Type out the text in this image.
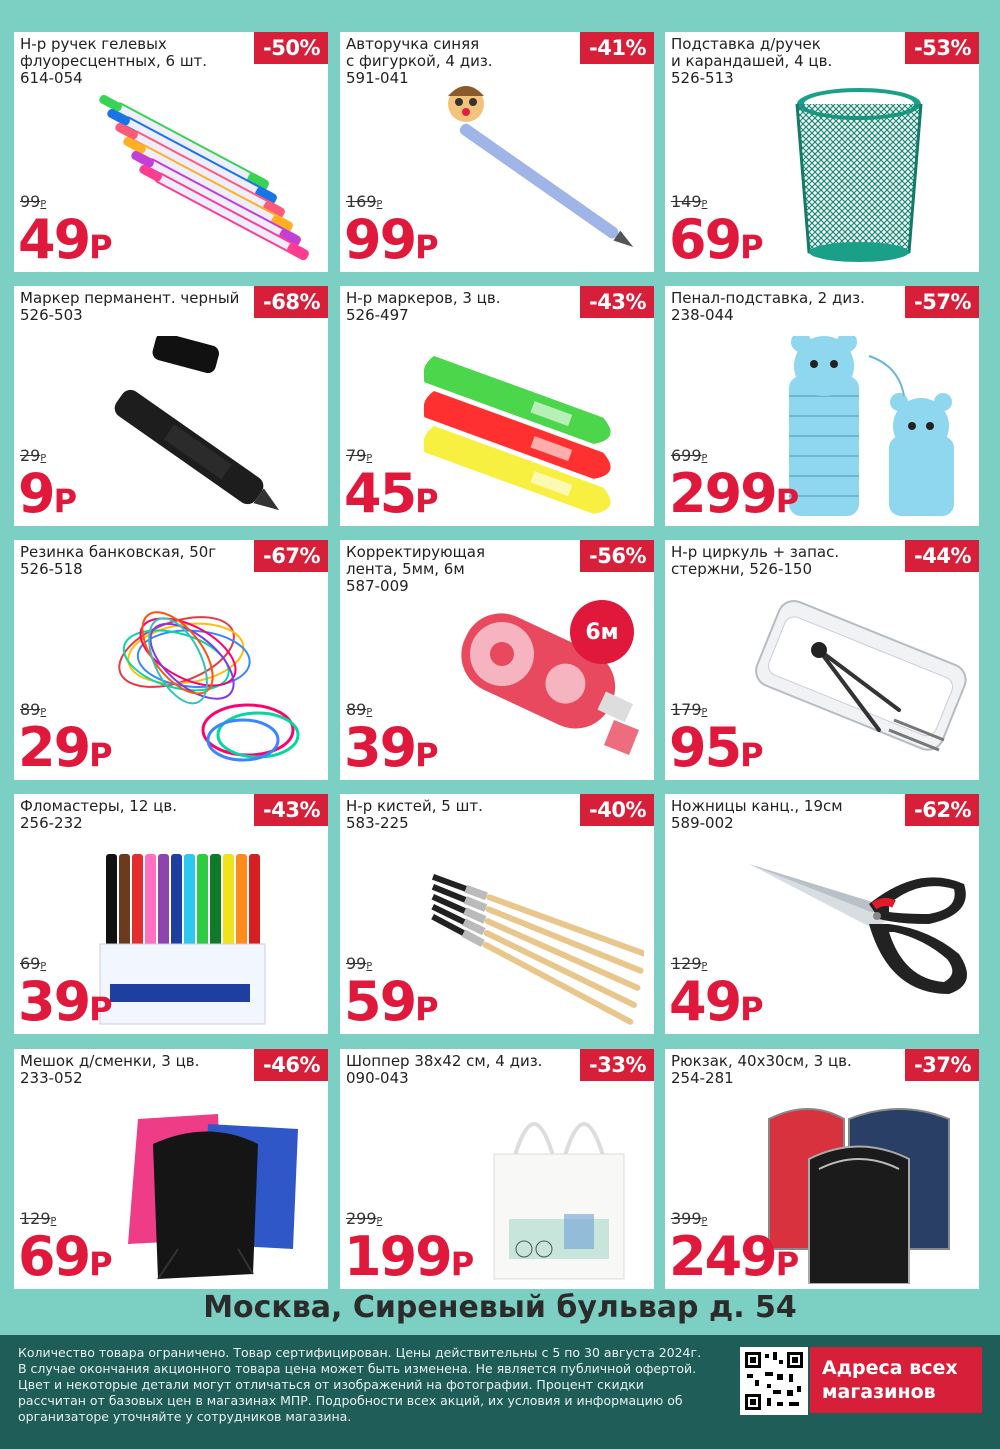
Н-р ручек гелевых
флуоресцентных, 6 шт.
614-054
-50%
99Р
49Р
Авторучка синяя
с фигуркой, 4 диз.
591-041
-41%
169Р
99Р
Подставка д/ручек
и карандашей, 4 цв.
526-513
-53%
149Р
69Р
Маркер перманент. черный
526-503
-68%
29Р
9Р
Н-р маркеров, 3 цв.
526-497
-43%
79Р
45Р
Пенал-подставка, 2 диз.
238-044
-57%
699Р
299Р
Резинка банковская, 50г
526-518
-67%
89Р
29Р
Корректирующая
лента, 5мм, 6м
587-009
6м
-56%
89Р
39Р
Н-р циркуль + запас.
стержни, 526-150
-44%
179Р
95Р
Фломастеры, 12 цв.
256-232
-43%
69Р
39Р
Н-р кистей, 5 шт.
583-225
-40%
99Р
59Р
Ножницы канц., 19см
589-002
-62%
129Р
49Р
Мешок д/сменки, 3 цв.
233-052
-46%
129Р
69Р
Шоппер 38x42 см, 4 диз.
090-043
-33%
299Р
199Р
Рюкзак, 40x30см, 3 цв.
254-281
-37%
399Р
249Р
Москва, Сиреневый бульвар д. 54
Количество товара ограничено. Товар сертифицирован. Цены действительны с 5 по 30 августа 2024г. В случае окончания акционного товара цена может быть изменена. Не является публичной офертой. Цвет и некоторые детали могут отличаться от изображений на фотографии. Процент скидки рассчитан от базовых цен в магазинах МПР. Подробности всех акций, их условия и информацию об организаторе уточняйте у сотрудников магазина.
Адреса всех магазинов
